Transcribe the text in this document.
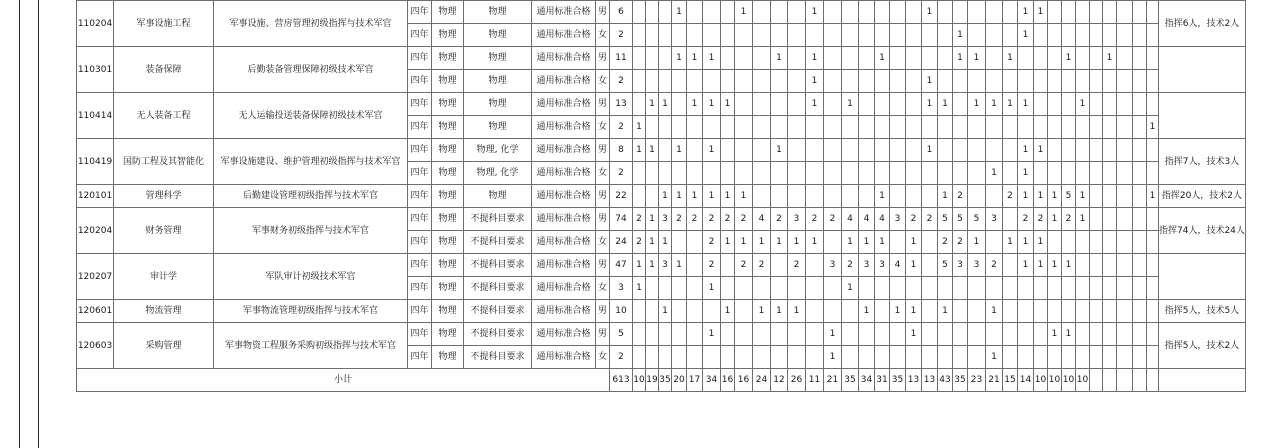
110204	军事设施工程	军事设施、营房管理初级指挥与技术军官	四年	物理	物理	通用标准合格	男	6				1				1				1							1						1	1									指挥6人，技术2人
			四年	物理	物理	通用标准合格	女	2																					1				1										
110301	装备保障	后勤装备管理保障初级技术军官	四年	物理	物理	通用标准合格	男	11				1	1	1				1		1				1					1	1		1				1			1				
			四年	物理	物理	通用标准合格	女	2												1							1																
110414	无人装备工程	无人运输投送装备保障初级技术军官	四年	物理	物理	通用标准合格	男	13		1	1		1	1	1					1		1					1	1		1	1	1	1				1						
			四年	物理	物理	通用标准合格	女	2	1																																	1	
110419	国防工程及其智能化	军事设施建设、维护管理初级指挥与技术军官	四年	物理	物理, 化学	通用标准合格	男	8	1	1		1		1				1									1						1	1									指挥7人，技术3人
			四年	物理	物理, 化学	通用标准合格	女	2																							1		1										
120101	管理科学	后勤建设管理初级指挥与技术军官	四年	物理	物理	通用标准合格	男	22			1	1	1	1	1	1								1				1	2			2	1	1	1	5	1					1	指挥20人，技术2人
120204	财务管理	军事财务初级指挥与技术军官	四年	物理	不提科目要求	通用标准合格	男	74	2	1	3	2	2	2	2	2	4	2	3	2	2	4	4	4	3	2	2	5	5	5	3		2	2	1	2	1						指挥74人，技术24人
			四年	物理	不提科目要求	通用标准合格	女	24	2	1	1			2	1	1	1	1	1	1		1	1	1		1		2	2	1		1	1	1									
120207	审计学	军队审计初级技术军官	四年	物理	不提科目要求	通用标准合格	男	47	1	1	3	1		2		2	2		2		3	2	3	3	4	1		5	3	3	2		1	1	1	1							
			四年	物理	不提科目要求	通用标准合格	女	3	1					1								1																					
120601	物流管理	军事物流管理初级指挥与技术军官	四年	物理	不提科目要求	通用标准合格	男	10			1				1		1	1	1				1		1	1		1			1												指挥5人，技术5人
120603	采购管理	军事物资工程服务采购初级指挥与技术军官	四年	物理	不提科目要求	通用标准合格	男	5						1							1					1									1	1							指挥5人，技术2人
			四年	物理	不提科目要求	通用标准合格	女	2													1										1												
小计								613	10	19	35	20	17	34	16	16	24	12	26	11	21	35	34	31	35	13	13	43	35	23	21	15	14	10	10	10	10						
